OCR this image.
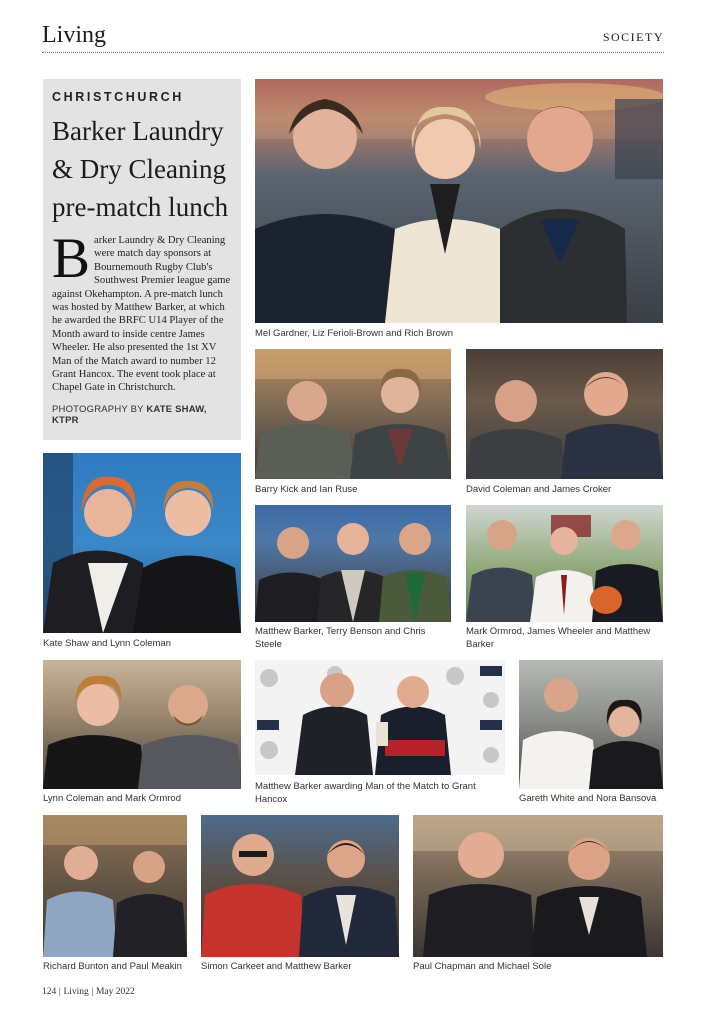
Living	SOCIETY
CHRISTCHURCH
Barker Laundry & Dry Cleaning pre-match lunch
Barker Laundry & Dry Cleaning were match day sponsors at Bournemouth Rugby Club's Southwest Premier league game against Okehampton. A pre-match lunch was hosted by Matthew Barker, at which he awarded the BRFC U14 Player of the Month award to inside centre James Wheeler. He also presented the 1st XV Man of the Match award to number 12 Grant Hancox. The event took place at Chapel Gate in Christchurch.
PHOTOGRAPHY BY KATE SHAW, KTPR
Mel Gardner, Liz Ferioli-Brown and Rich Brown
Barry Kick and Ian Ruse	David Coleman and James Croker
Kate Shaw and Lynn Coleman
Matthew Barker, Terry Benson and Chris Steele
Mark Ormrod, James Wheeler and Matthew Barker
Lynn Coleman and Mark Ormrod
Matthew Barker awarding Man of the Match to Grant Hancox	Gareth White and Nora Bansova
Richard Bunton and Paul Meakin	Simon Carkeet and Matthew Barker	Paul Chapman and Michael Sole
124 | Living | May 2022
